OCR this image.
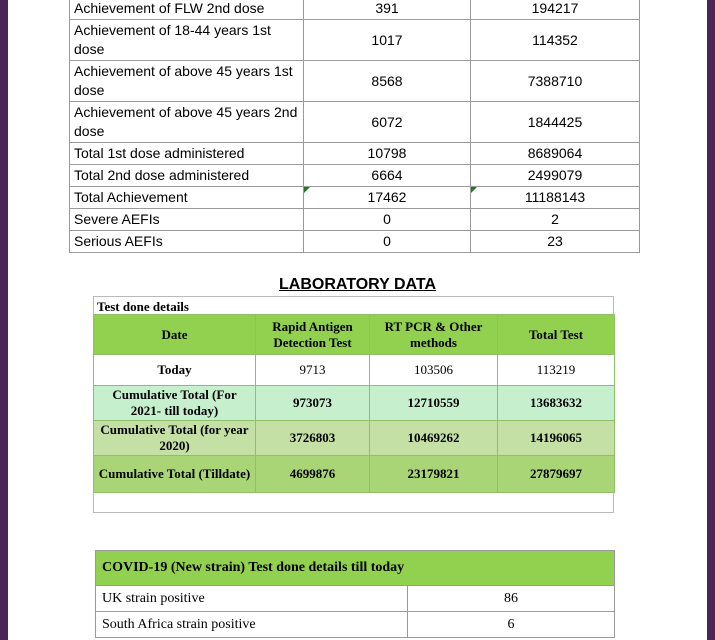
Achievement of FLW 2nd dose	391	194217
Achievement of 18-44 years 1st dose	1017	114352
Achievement of above 45 years 1st dose	8568	7388710
Achievement of above 45 years 2nd dose	6072	1844425
Total 1st dose administered	10798	8689064
Total 2nd dose administered	6664	2499079
Total Achievement	17462	11188143
Severe AEFIs	0	2
Serious AEFIs	0	23
LABORATORY DATA
Test done details
Date	Rapid Antigen Detection Test	RT PCR & Other methods	Total Test
Today	9713	103506	113219
Cumulative Total (For 2021- till today)	973073	12710559	13683632
Cumulative Total (for year 2020)	3726803	10469262	14196065
Cumulative Total (Tilldate)	4699876	23179821	27879697
COVID-19 (New strain) Test done details till today	
UK strain positive	86
South Africa strain positive	6
